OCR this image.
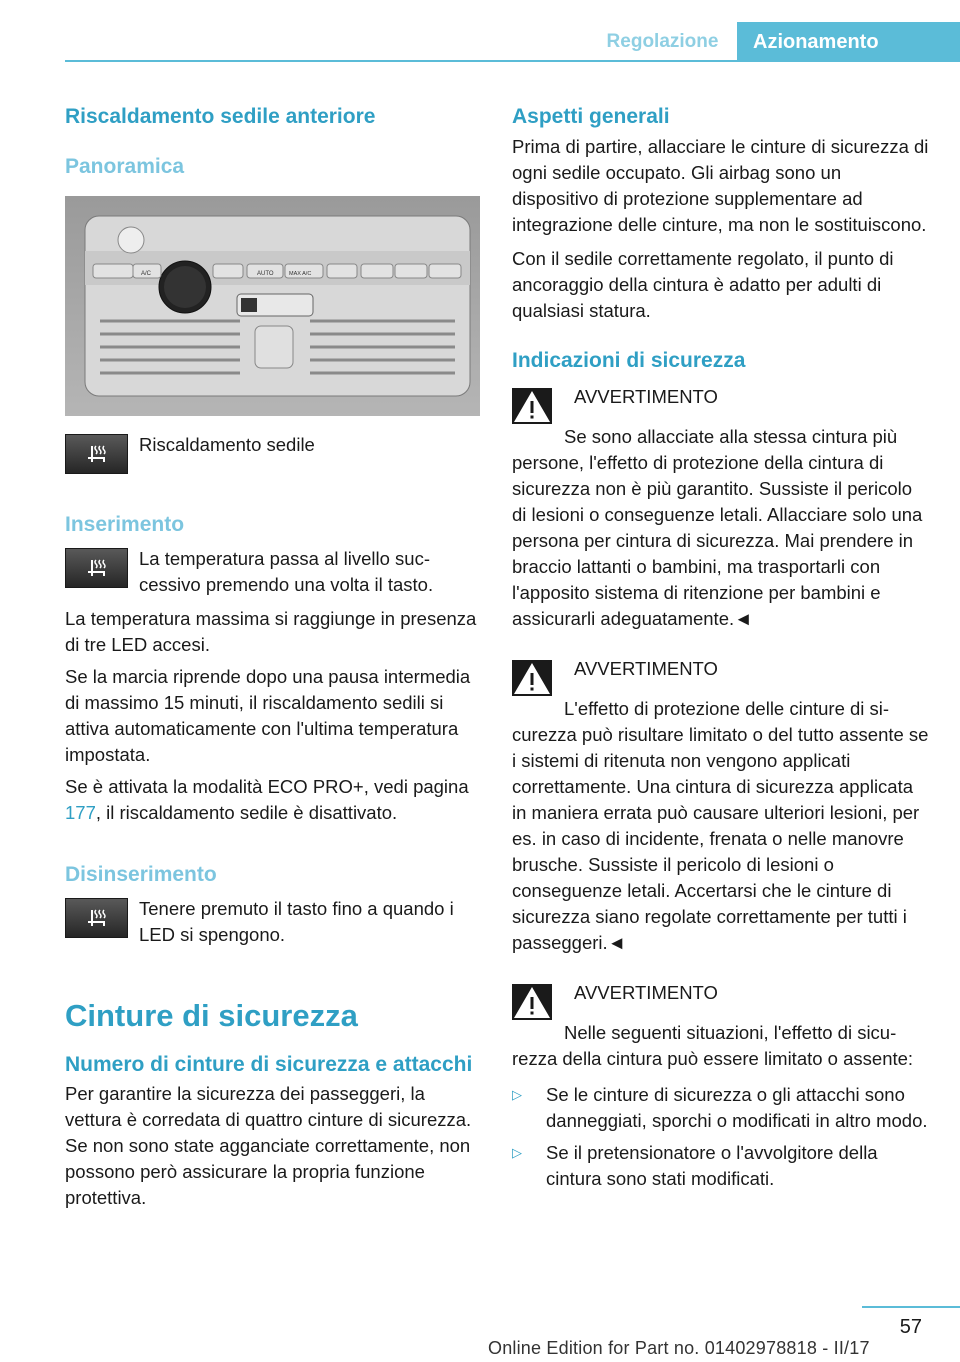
Regolazione	Azionamento
Riscaldamento sedile anteriore
Panoramica
A/C	AUTO	MAX A/C

Riscaldamento sedile

Inserimento

La temperatura passa al livello successivo premendo una volta il tasto.

La temperatura massima si raggiunge in presenza di tre LED accesi.

Se la marcia riprende dopo una pausa intermedia di massimo 15 minuti, il riscaldamento sedili si attiva automaticamente con l'ultima temperatura impostata.

Se è attivata la modalità ECO PRO+, vedi pagina 177, il riscaldamento sedile è disattivato.

Disinserimento

Tenere premuto il tasto fino a quando i LED si spengono.

Cinture di sicurezza
Numero di cinture di sicurezza e attacchi

Per garantire la sicurezza dei passeggeri, la vettura è corredata di quattro cinture di sicurezza. Se non sono state agganciate correttamente, non possono però assicurare la propria funzione protettiva.

Aspetti generali

Prima di partire, allacciare le cinture di sicurezza di ogni sedile occupato. Gli airbag sono un dispositivo di protezione supplementare ad integrazione delle cinture, ma non le sostituiscono.

Con il sedile correttamente regolato, il punto di ancoraggio della cintura è adatto per adulti di qualsiasi statura.

Indicazioni di sicurezza

AVVERTIMENTO

Se sono allacciate alla stessa cintura più persone, l'effetto di protezione della cintura di sicurezza non è più garantito. Sussiste il pericolo di lesioni o conseguenze letali. Allacciare solo una persona per cintura di sicurezza. Mai prendere in braccio lattanti o bambini, ma trasportarli con l'apposito sistema di ritenzione per bambini e assicurarli adeguatamente.◄

AVVERTIMENTO

L'effetto di protezione delle cinture di sicurezza può risultare limitato o del tutto assente se i sistemi di ritenuta non vengono applicati correttamente. Una cintura di sicurezza applicata in maniera errata può causare ulteriori lesioni, per es. in caso di incidente, frenata o nelle manovre brusche. Sussiste il pericolo di lesioni o conseguenze letali. Accertarsi che le cinture di sicurezza siano regolate correttamente per tutti i passeggeri.◄

AVVERTIMENTO

Nelle seguenti situazioni, l'effetto di sicurezza della cintura può essere limitato o assente:

▷	Se le cinture di sicurezza o gli attacchi sono danneggiati, sporchi o modificati in altro modo.

▷	Se il pretensionatore o l'avvolgitore della cintura sono stati modificati.

57
Online Edition for Part no. 01402978818 - II/17
